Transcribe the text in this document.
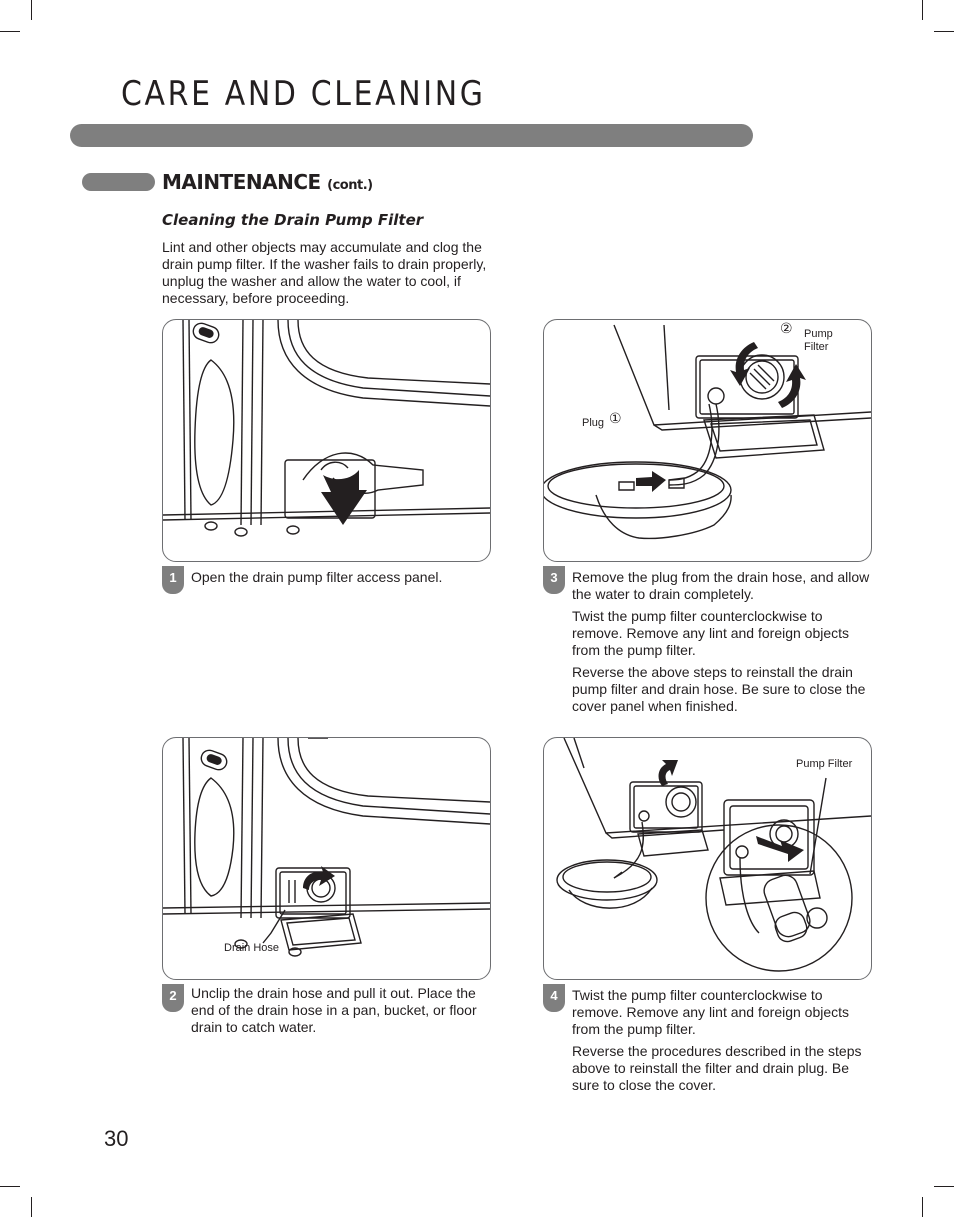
CARE AND CLEANING
MAINTENANCE (cont.)
Cleaning the Drain Pump Filter

Lint and other objects may accumulate and clog the drain pump filter. If the washer fails to drain properly, unplug the washer and allow the water to cool, if necessary, before proceeding.

1	Open the drain pump filter access panel.

Pump
Filter
②
Plug ①
3	Remove the plug from the drain hose, and allow the water to drain completely.

Twist the pump filter counterclockwise to remove. Remove any lint and foreign objects from the pump filter.

Reverse the above steps to reinstall the drain pump filter and drain hose. Be sure to close the cover panel when finished.

Drain Hose
2	Unclip the drain hose and pull it out. Place the end of the drain hose in a pan, bucket, or floor drain to catch water.

Pump Filter
4	Twist the pump filter counterclockwise to remove. Remove any lint and foreign objects from the pump filter.

Reverse the procedures described in the steps above to reinstall the filter and drain plug. Be sure to close the cover.

30
